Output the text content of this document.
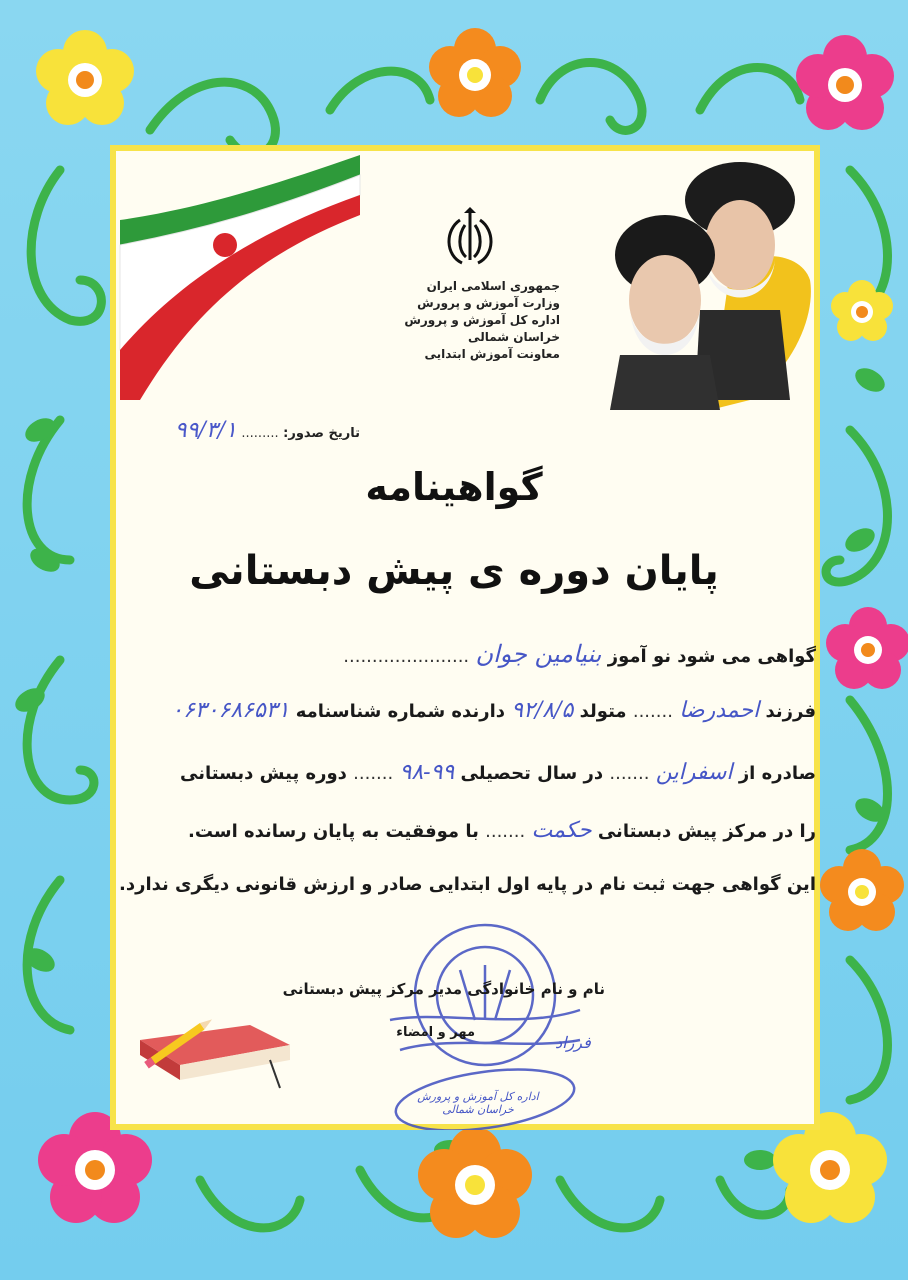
جمهوری اسلامی ایران
وزارت آموزش و پرورش
اداره کل آموزش و پرورش خراسان شمالی
معاونت آموزش ابتدایی
تاریخ صدور: ......... ۹۹/۳/۱
گواهینامه
پایان دوره ی پیش دبستانی
گواهی می شود نو آموز بنیامین جوان ......................
فرزند احمدرضا ....... متولد ۹۲/۸/۵ دارنده شماره شناسنامه ۰۶۳۰۶۸۶۵۳۱
صادره از اسفراین ....... در سال تحصیلی ۹۹-۹۸ ....... دوره پیش دبستانی
را در مرکز پیش دبستانی حکمت ....... با موفقیت به پایان رسانده است.
این گواهی جهت ثبت نام در پایه اول ابتدایی صادر و ارزش قانونی دیگری ندارد.
نام و نام خانوادگی مدیر مرکز پیش دبستانی
مهر و امضاء
فرزاد
اداره کل آموزش و پرورش خراسان شمالی
